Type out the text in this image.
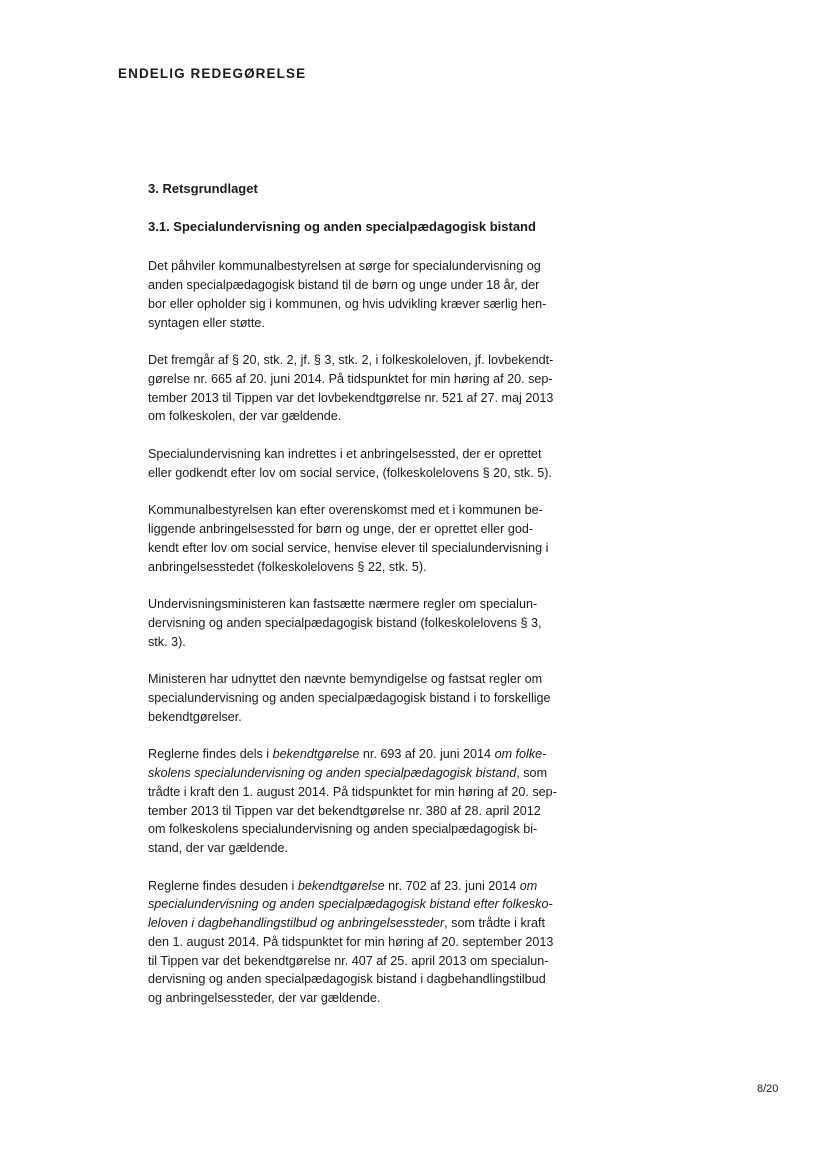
ENDELIG REDEGØRELSE
3. Retsgrundlaget
3.1. Specialundervisning og anden specialpædagogisk bistand
Det påhviler kommunalbestyrelsen at sørge for specialundervisning og
anden specialpædagogisk bistand til de børn og unge under 18 år, der
bor eller opholder sig i kommunen, og hvis udvikling kræver særlig hen-
syntagen eller støtte.
Det fremgår af § 20, stk. 2, jf. § 3, stk. 2, i folkeskoleloven, jf. lovbekendt-
gørelse nr. 665 af 20. juni 2014. På tidspunktet for min høring af 20. sep-
tember 2013 til Tippen var det lovbekendtgørelse nr. 521 af 27. maj 2013
om folkeskolen, der var gældende.
Specialundervisning kan indrettes i et anbringelsessted, der er oprettet
eller godkendt efter lov om social service, (folkeskolelovens § 20, stk. 5).
Kommunalbestyrelsen kan efter overenskomst med et i kommunen be-
liggende anbringelsessted for børn og unge, der er oprettet eller god-
kendt efter lov om social service, henvise elever til specialundervisning i
anbringelsesstedet (folkeskolelovens § 22, stk. 5).
Undervisningsministeren kan fastsætte nærmere regler om specialun-
dervisning og anden specialpædagogisk bistand (folkeskolelovens § 3,
stk. 3).
Ministeren har udnyttet den nævnte bemyndigelse og fastsat regler om
specialundervisning og anden specialpædagogisk bistand i to forskellige
bekendtgørelser.
Reglerne findes dels i bekendtgørelse nr. 693 af 20. juni 2014 om folke-
skolens specialundervisning og anden specialpædagogisk bistand, som
trådte i kraft den 1. august 2014. På tidspunktet for min høring af 20. sep-
tember 2013 til Tippen var det bekendtgørelse nr. 380 af 28. april 2012
om folkeskolens specialundervisning og anden specialpædagogisk bi-
stand, der var gældende.
Reglerne findes desuden i bekendtgørelse nr. 702 af 23. juni 2014 om
specialundervisning og anden specialpædagogisk bistand efter folkesko-
leloven i dagbehandlingstilbud og anbringelsessteder, som trådte i kraft
den 1. august 2014. På tidspunktet for min høring af 20. september 2013
til Tippen var det bekendtgørelse nr. 407 af 25. april 2013 om specialun-
dervisning og anden specialpædagogisk bistand i dagbehandlingstilbud
og anbringelsessteder, der var gældende.
8/20
